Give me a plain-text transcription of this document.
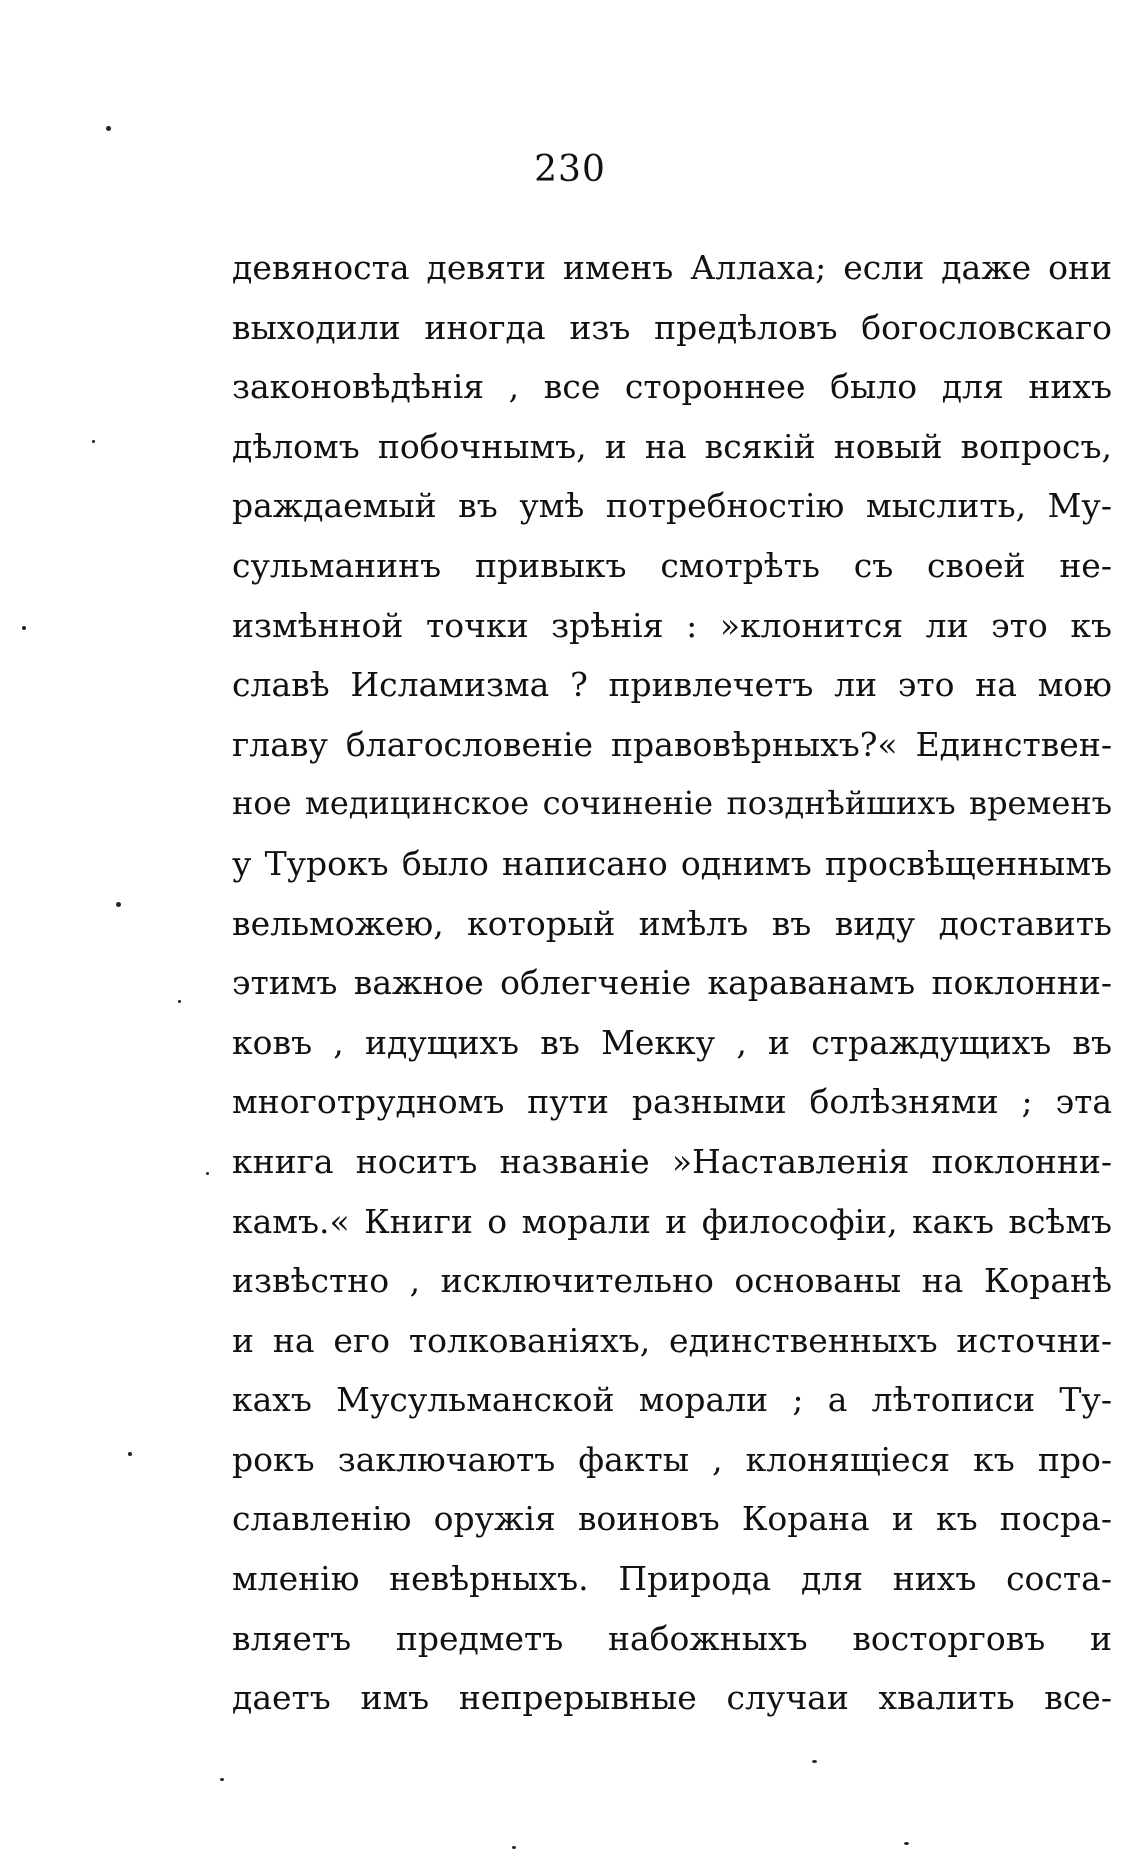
230
девяноста девяти именъ Аллаха; если даже они
выходили иногда изъ предѣловъ богословскаго
законовѣдѣнія , все стороннее было для нихъ
дѣломъ побочнымъ, и на всякій новый вопросъ,
раждаемый въ умѣ потребностію мыслить, Му-
сульманинъ привыкъ смотрѣть съ своей не-
измѣнной точки зрѣнія : »клонится ли это къ
славѣ Исламизма ? привлечетъ ли это на мою
главу благословеніе правовѣрныхъ?« Единствен-
ное медицинское сочиненіе позднѣйшихъ временъ
у Турокъ было написано однимъ просвѣщеннымъ
вельможею, который имѣлъ въ виду доставить
этимъ важное облегченіе караванамъ поклонни-
ковъ , идущихъ въ Мекку , и страждущихъ въ
многотрудномъ пути разными болѣзнями ; эта
книга носитъ названіе »Наставленія поклонни-
камъ.« Книги о морали и философіи, какъ всѣмъ
извѣстно , исключительно основаны на Коранѣ
и на его толкованіяхъ, единственныхъ источни-
кахъ Мусульманской морали ; а лѣтописи Ту-
рокъ заключаютъ факты , клонящіеся къ про-
славленію оружія воиновъ Корана и къ посра-
мленію невѣрныхъ. Природа для нихъ соста-
вляетъ предметъ набожныхъ восторговъ и
даетъ имъ непрерывные случаи хвалить все-
